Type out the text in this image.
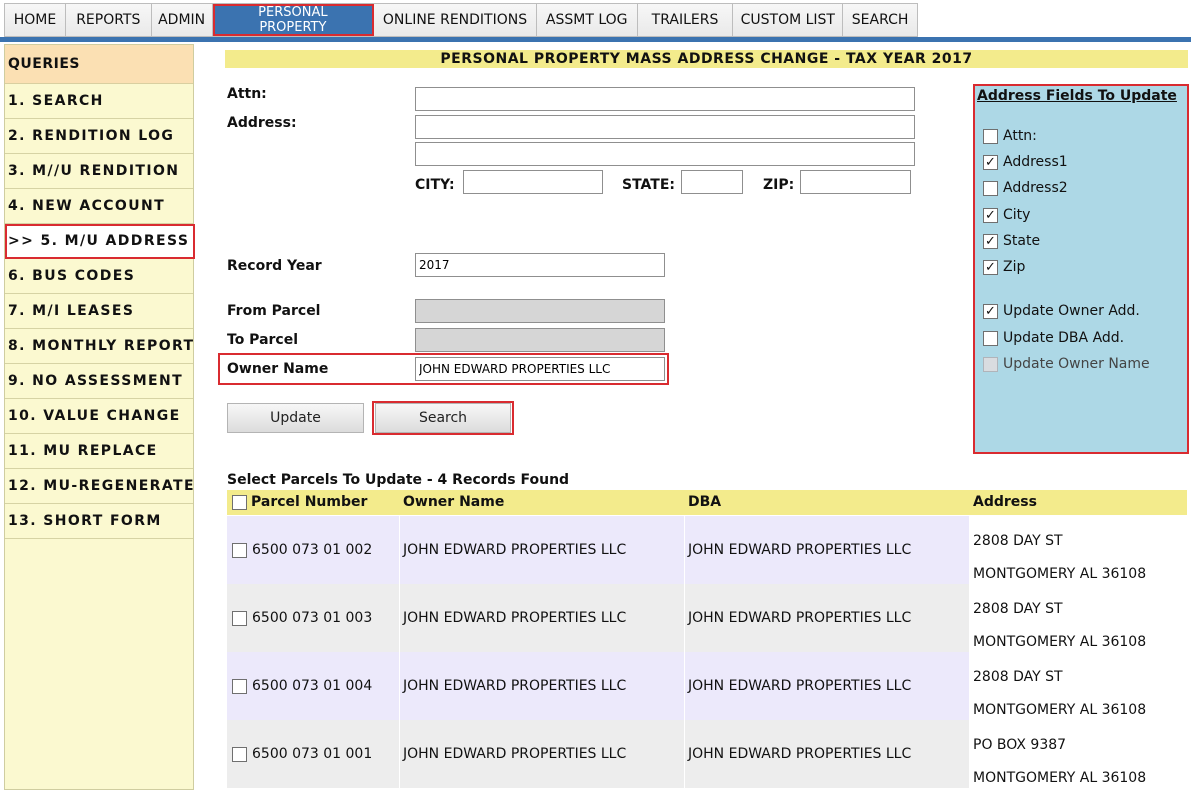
HOME	REPORTS	ADMIN	PERSONAL
PROPERTY	ONLINE RENDITIONS	ASSMT LOG	TRAILERS	CUSTOM LIST	SEARCH
QUERIES
1. SEARCH
2. RENDITION LOG
3. M//U RENDITION
4. NEW ACCOUNT
>> 5. M/U ADDRESS
6. BUS CODES
7. M/I LEASES
8. MONTHLY REPORT
9. NO ASSESSMENT
10. VALUE CHANGE
11. MU REPLACE
12. MU-REGENERATE
13. SHORT FORM
PERSONAL PROPERTY MASS ADDRESS CHANGE - TAX YEAR 2017
Attn:
Address:
CITY:	STATE:	ZIP:
Record Year
2017
From Parcel
To Parcel
Owner Name
JOHN EDWARD PROPERTIES LLC
Update	Search
Address Fields To Update
Attn:
✓ Address1
Address2
✓ City
✓ State
✓ Zip
✓ Update Owner Add.
Update DBA Add.
Update Owner Name
Select Parcels To Update - 4 Records Found
Parcel Number	Owner Name	DBA	Address
6500 073 01 002 JOHN EDWARD PROPERTIES LLC	JOHN EDWARD PROPERTIES LLC
2808 DAY ST
MONTGOMERY AL 36108
6500 073 01 003 JOHN EDWARD PROPERTIES LLC	JOHN EDWARD PROPERTIES LLC
2808 DAY ST
MONTGOMERY AL 36108
6500 073 01 004 JOHN EDWARD PROPERTIES LLC	JOHN EDWARD PROPERTIES LLC
2808 DAY ST
MONTGOMERY AL 36108
6500 073 01 001 JOHN EDWARD PROPERTIES LLC	JOHN EDWARD PROPERTIES LLC
PO BOX 9387
MONTGOMERY AL 36108
